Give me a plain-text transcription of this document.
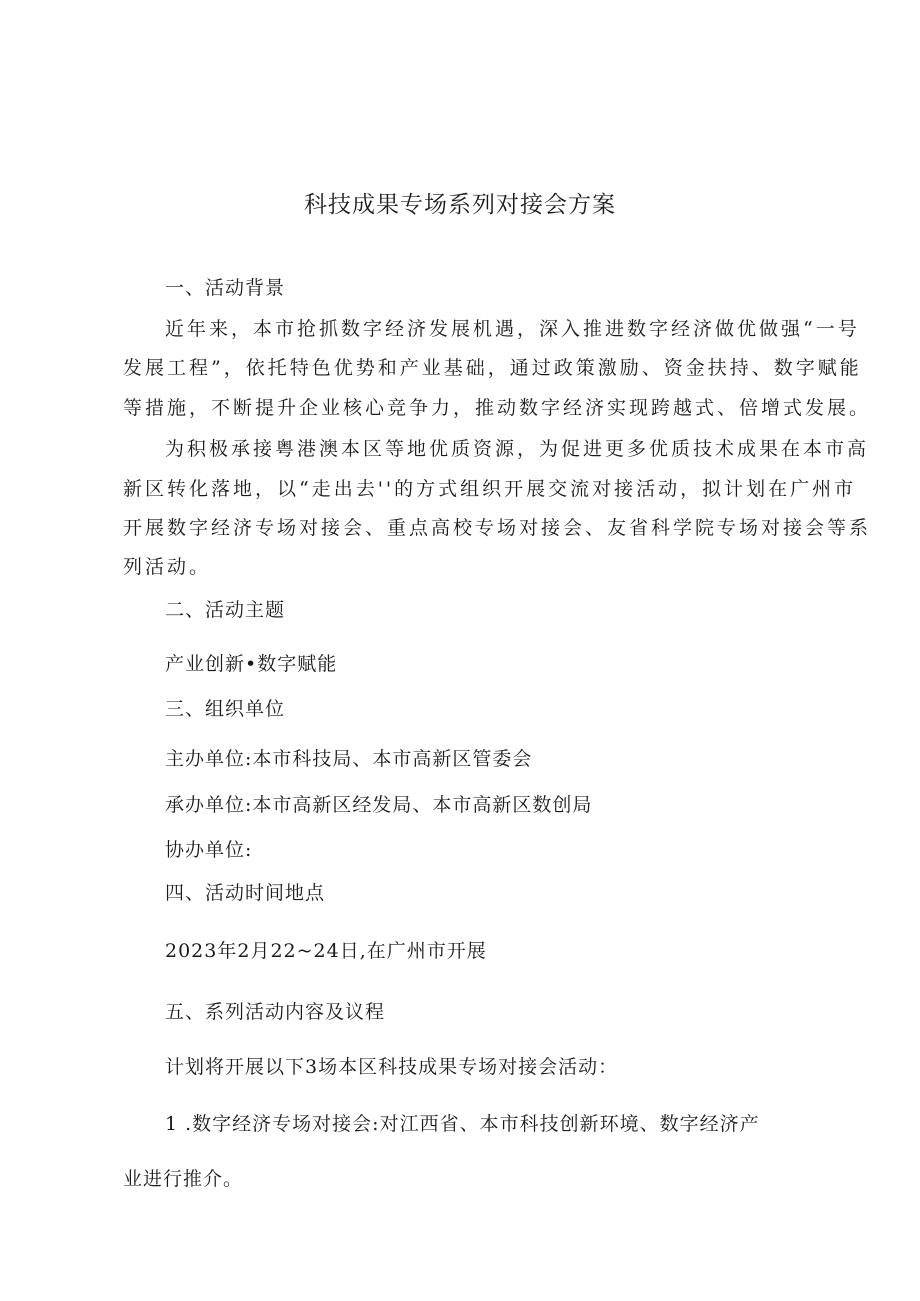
科技成果专场系列对接会方案
一、活动背景
近年来，本市抢抓数字经济发展机遇，深入推进数字经济做优做强“一号
发展工程”，依托特色优势和产业基础，通过政策激励、资金扶持、数字赋能
等措施，不断提升企业核心竞争力，推动数字经济实现跨越式、倍增式发展。
为积极承接粤港澳本区等地优质资源，为促进更多优质技术成果在本市高
新区转化落地，以“走出去''的方式组织开展交流对接活动，拟计划在广州市
开展数字经济专场对接会、重点高校专场对接会、友省科学院专场对接会等系
列活动。
二、活动主题
产业创新•数字赋能
三、组织单位
主办单位:本市科技局、本市高新区管委会
承办单位:本市高新区经发局、本市高新区数创局
协办单位:
四、活动时间地点
2023年2月22~24日,在广州市开展
五、系列活动内容及议程
计划将开展以下3场本区科技成果专场对接会活动：
1 .数字经济专场对接会:对江西省、本市科技创新环境、数字经济产
业进行推介。
